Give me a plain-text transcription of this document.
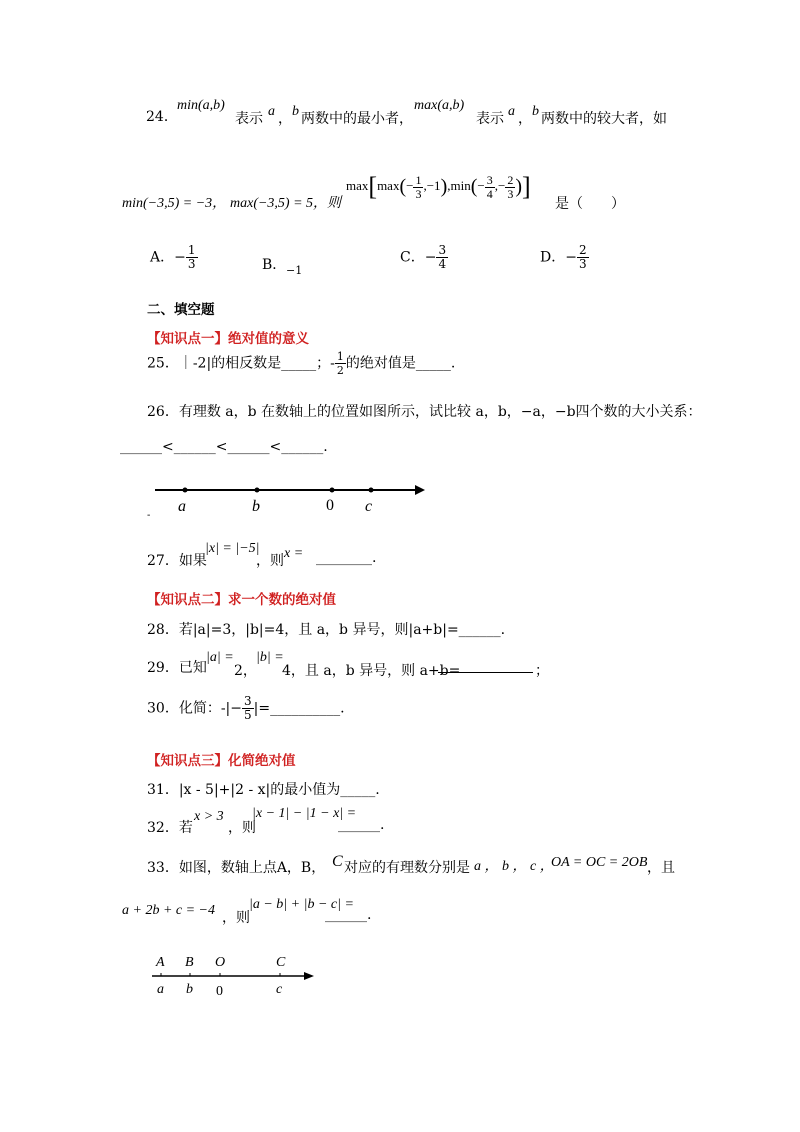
24．
min(a,b)
表示 a ， b 两数中的最小者，
max(a,b)
表示 a ， b 两数中的较大者，如
min(−3,5) = −3， max(−3,5) = 5，则
$\max[\max(- \frac{1}{3} ,-1),\min(- \frac{3}{4}$ ,− $\frac{2}{3}$ )]
是（　　）
A．− $\frac{1}{3}$	B． −1
C．− $\frac{3}{4}$	D．− $\frac{2}{3}$
二、填空题
【知识点一】绝对值的意义
25．｜-2|的相反数是_____；- $\frac{1}{2}$ 的绝对值是_____.
26．有理数 a，b 在数轴上的位置如图所示，试比较 a，b，−a，−b四个数的大小关系：
______<______<______<______.
a	b	0 c
-
27．如果
|x| = |−5|
，则 x = ________.
【知识点二】求一个数的绝对值
28．若|a|=3，|b|=4，且 a，b 异号，则|a+b|=______.
29．已知
|a| =
2，
|b| =
4，且 a，b 异号，则 a+b=	；
30．化简：-|− $\frac{3}{5}$ |=__________.
【知识点三】化简绝对值
31．|x - 5|+|2 - x|的最小值为_____.
32．若
x > 3
，则
|x − 1| − |1 − x| =
______.
33．如图，数轴上点A，B， C 对应的有理数分别是 a ， b ， c ，
OA = OC = 2OB ，且
a + 2b + c = −4 ，则
|a − b| + |b − c| =
______.
A B O	C
a b 0	c
